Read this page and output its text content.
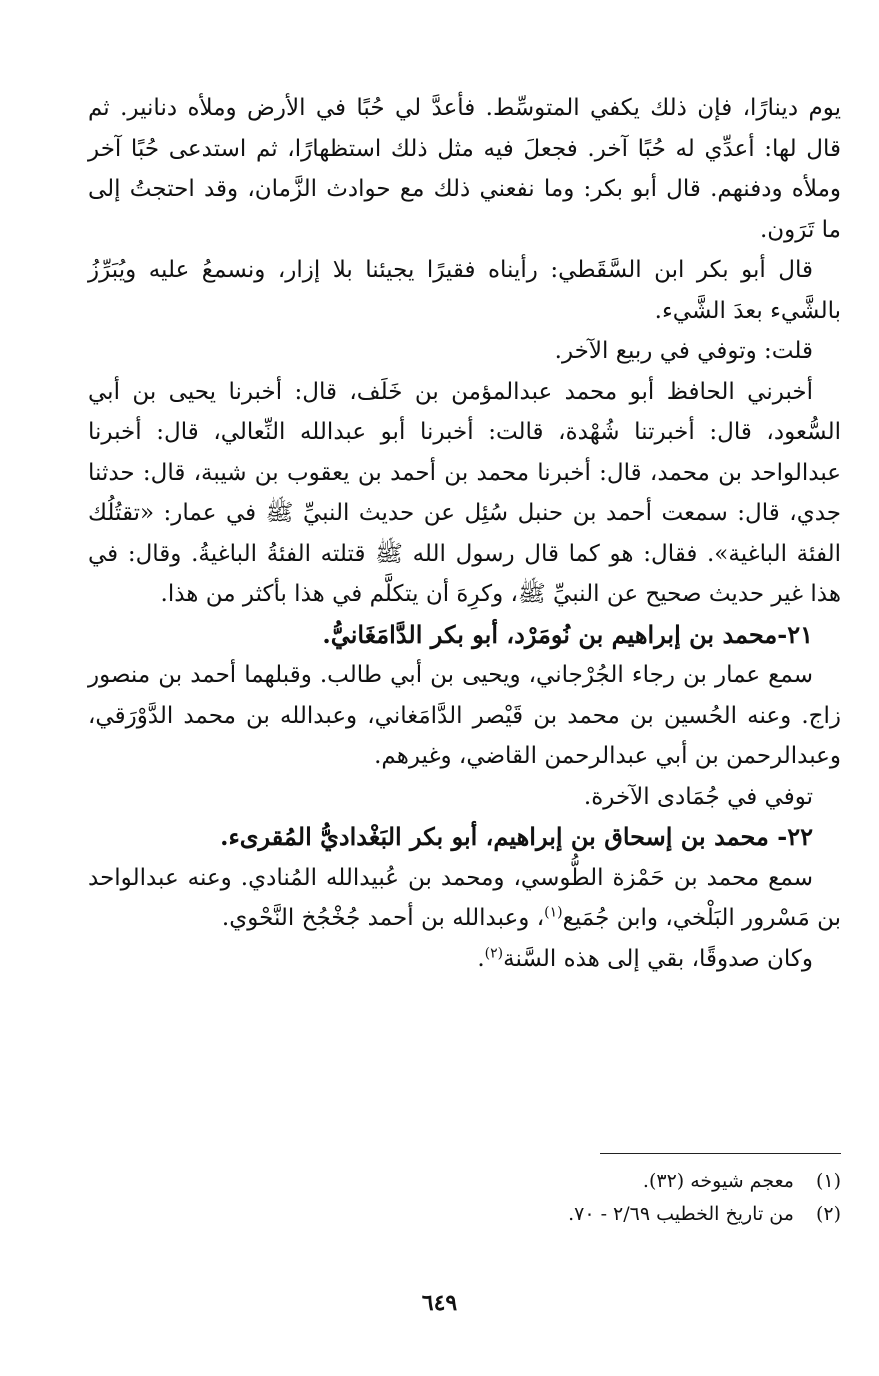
يوم دينارًا، فإن ذلك يكفي المتوسِّط. فأعدَّ لي حُبًا في الأرض وملأه دنانير. ثم قال لها: أعدِّي له حُبًا آخر. فجعلَ فيه مثل ذلك استظهارًا، ثم استدعى حُبًا آخر وملأه ودفنهم. قال أبو بكر: وما نفعني ذلك مع حوادث الزَّمان، وقد احتجتُ إلى ما تَرَون.

قال أبو بكر ابن السَّقَطي: رأيناه فقيرًا يجيئنا بلا إزار، ونسمعُ عليه ويُبَرِّزُ بالشَّيء بعدَ الشَّيء.

قلت: وتوفي في ربيع الآخر.

أخبرني الحافظ أبو محمد عبدالمؤمن بن خَلَف، قال: أخبرنا يحيى بن أبي السُّعود، قال: أخبرتنا شُهْدة، قالت: أخبرنا أبو عبدالله النِّعالي، قال: أخبرنا عبدالواحد بن محمد، قال: أخبرنا محمد بن أحمد بن يعقوب بن شيبة، قال: حدثنا جدي، قال: سمعت أحمد بن حنبل سُئِل عن حديث النبيِّ ﷺ في عمار: «تقتُلُك الفئة الباغية». فقال: هو كما قال رسول الله ﷺ قتلته الفئةُ الباغيةُ. وقال: في هذا غير حديث صحيح عن النبيِّ ﷺ، وكرِهَ أن يتكلَّم في هذا بأكثر من هذا.

٢١-محمد بن إبراهيم بن نُومَرْد، أبو بكر الدَّامَغَانيُّ.

سمع عمار بن رجاء الجُرْجاني، ويحيى بن أبي طالب. وقبلهما أحمد بن منصور زاج. وعنه الحُسين بن محمد بن قَيْصر الدَّامَغاني، وعبدالله بن محمد الدَّوْرَقي، وعبدالرحمن بن أبي عبدالرحمن القاضي، وغيرهم.

توفي في جُمَادى الآخرة.

٢٢- محمد بن إسحاق بن إبراهيم، أبو بكر البَغْداديُّ المُقرىء.

سمع محمد بن حَمْزة الطُّوسي، ومحمد بن عُبيدالله المُنادي. وعنه عبدالواحد بن مَسْرور البَلْخي، وابن جُمَيع$^{(١)}$، وعبدالله بن أحمد جُخْجُخ النَّحْوي.

وكان صدوقًا، بقي إلى هذه السَّنة$^{(٢)}$.

(١)
معجم شيوخه (٣٢).

(٢)
من تاريخ الخطيب ٢/٦٩ - ٧٠.

٦٤٩
